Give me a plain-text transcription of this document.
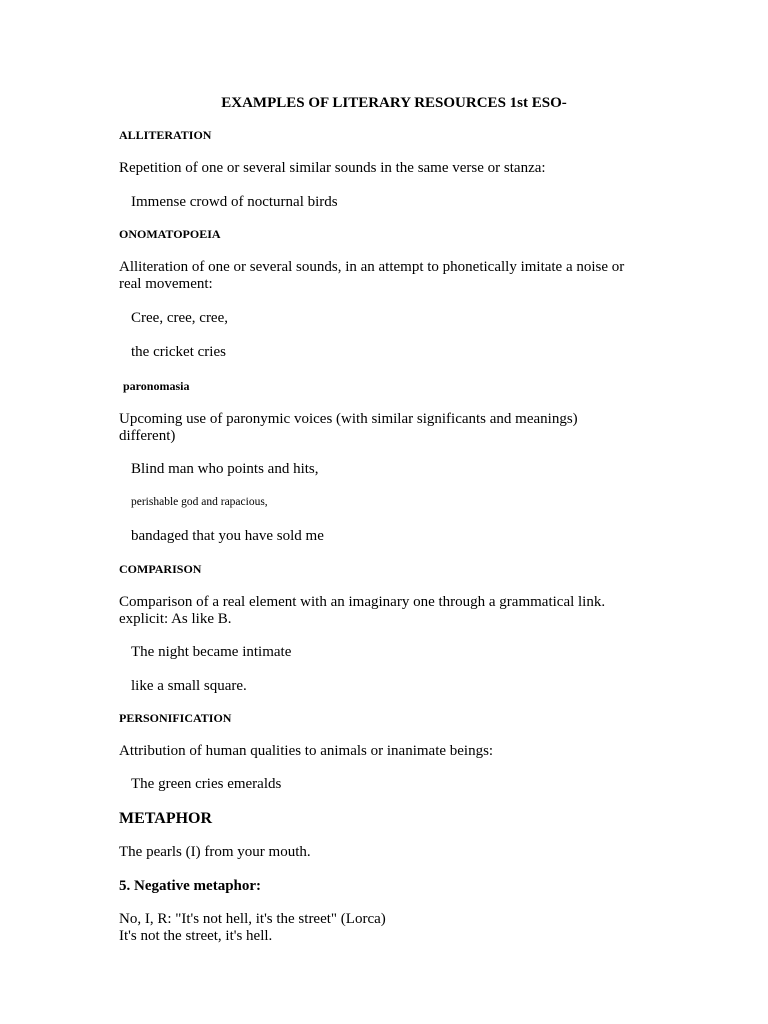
EXAMPLES OF LITERARY RESOURCES 1st ESO-
ALLITERATION
Repetition of one or several similar sounds in the same verse or stanza:
Immense crowd of nocturnal birds
ONOMATOPOEIA
Alliteration of one or several sounds, in an attempt to phonetically imitate a noise or
real movement:
Cree, cree, cree,
the cricket cries
paronomasia
Upcoming use of paronymic voices (with similar significants and meanings)
different)
Blind man who points and hits,
perishable god and rapacious,
bandaged that you have sold me
COMPARISON
Comparison of a real element with an imaginary one through a grammatical link.
explicit: As like B.
The night became intimate
like a small square.
PERSONIFICATION
Attribution of human qualities to animals or inanimate beings:
The green cries emeralds
METAPHOR
The pearls (I) from your mouth.
5. Negative metaphor:
No, I, R: "It's not hell, it's the street" (Lorca)
It's not the street, it's hell.
